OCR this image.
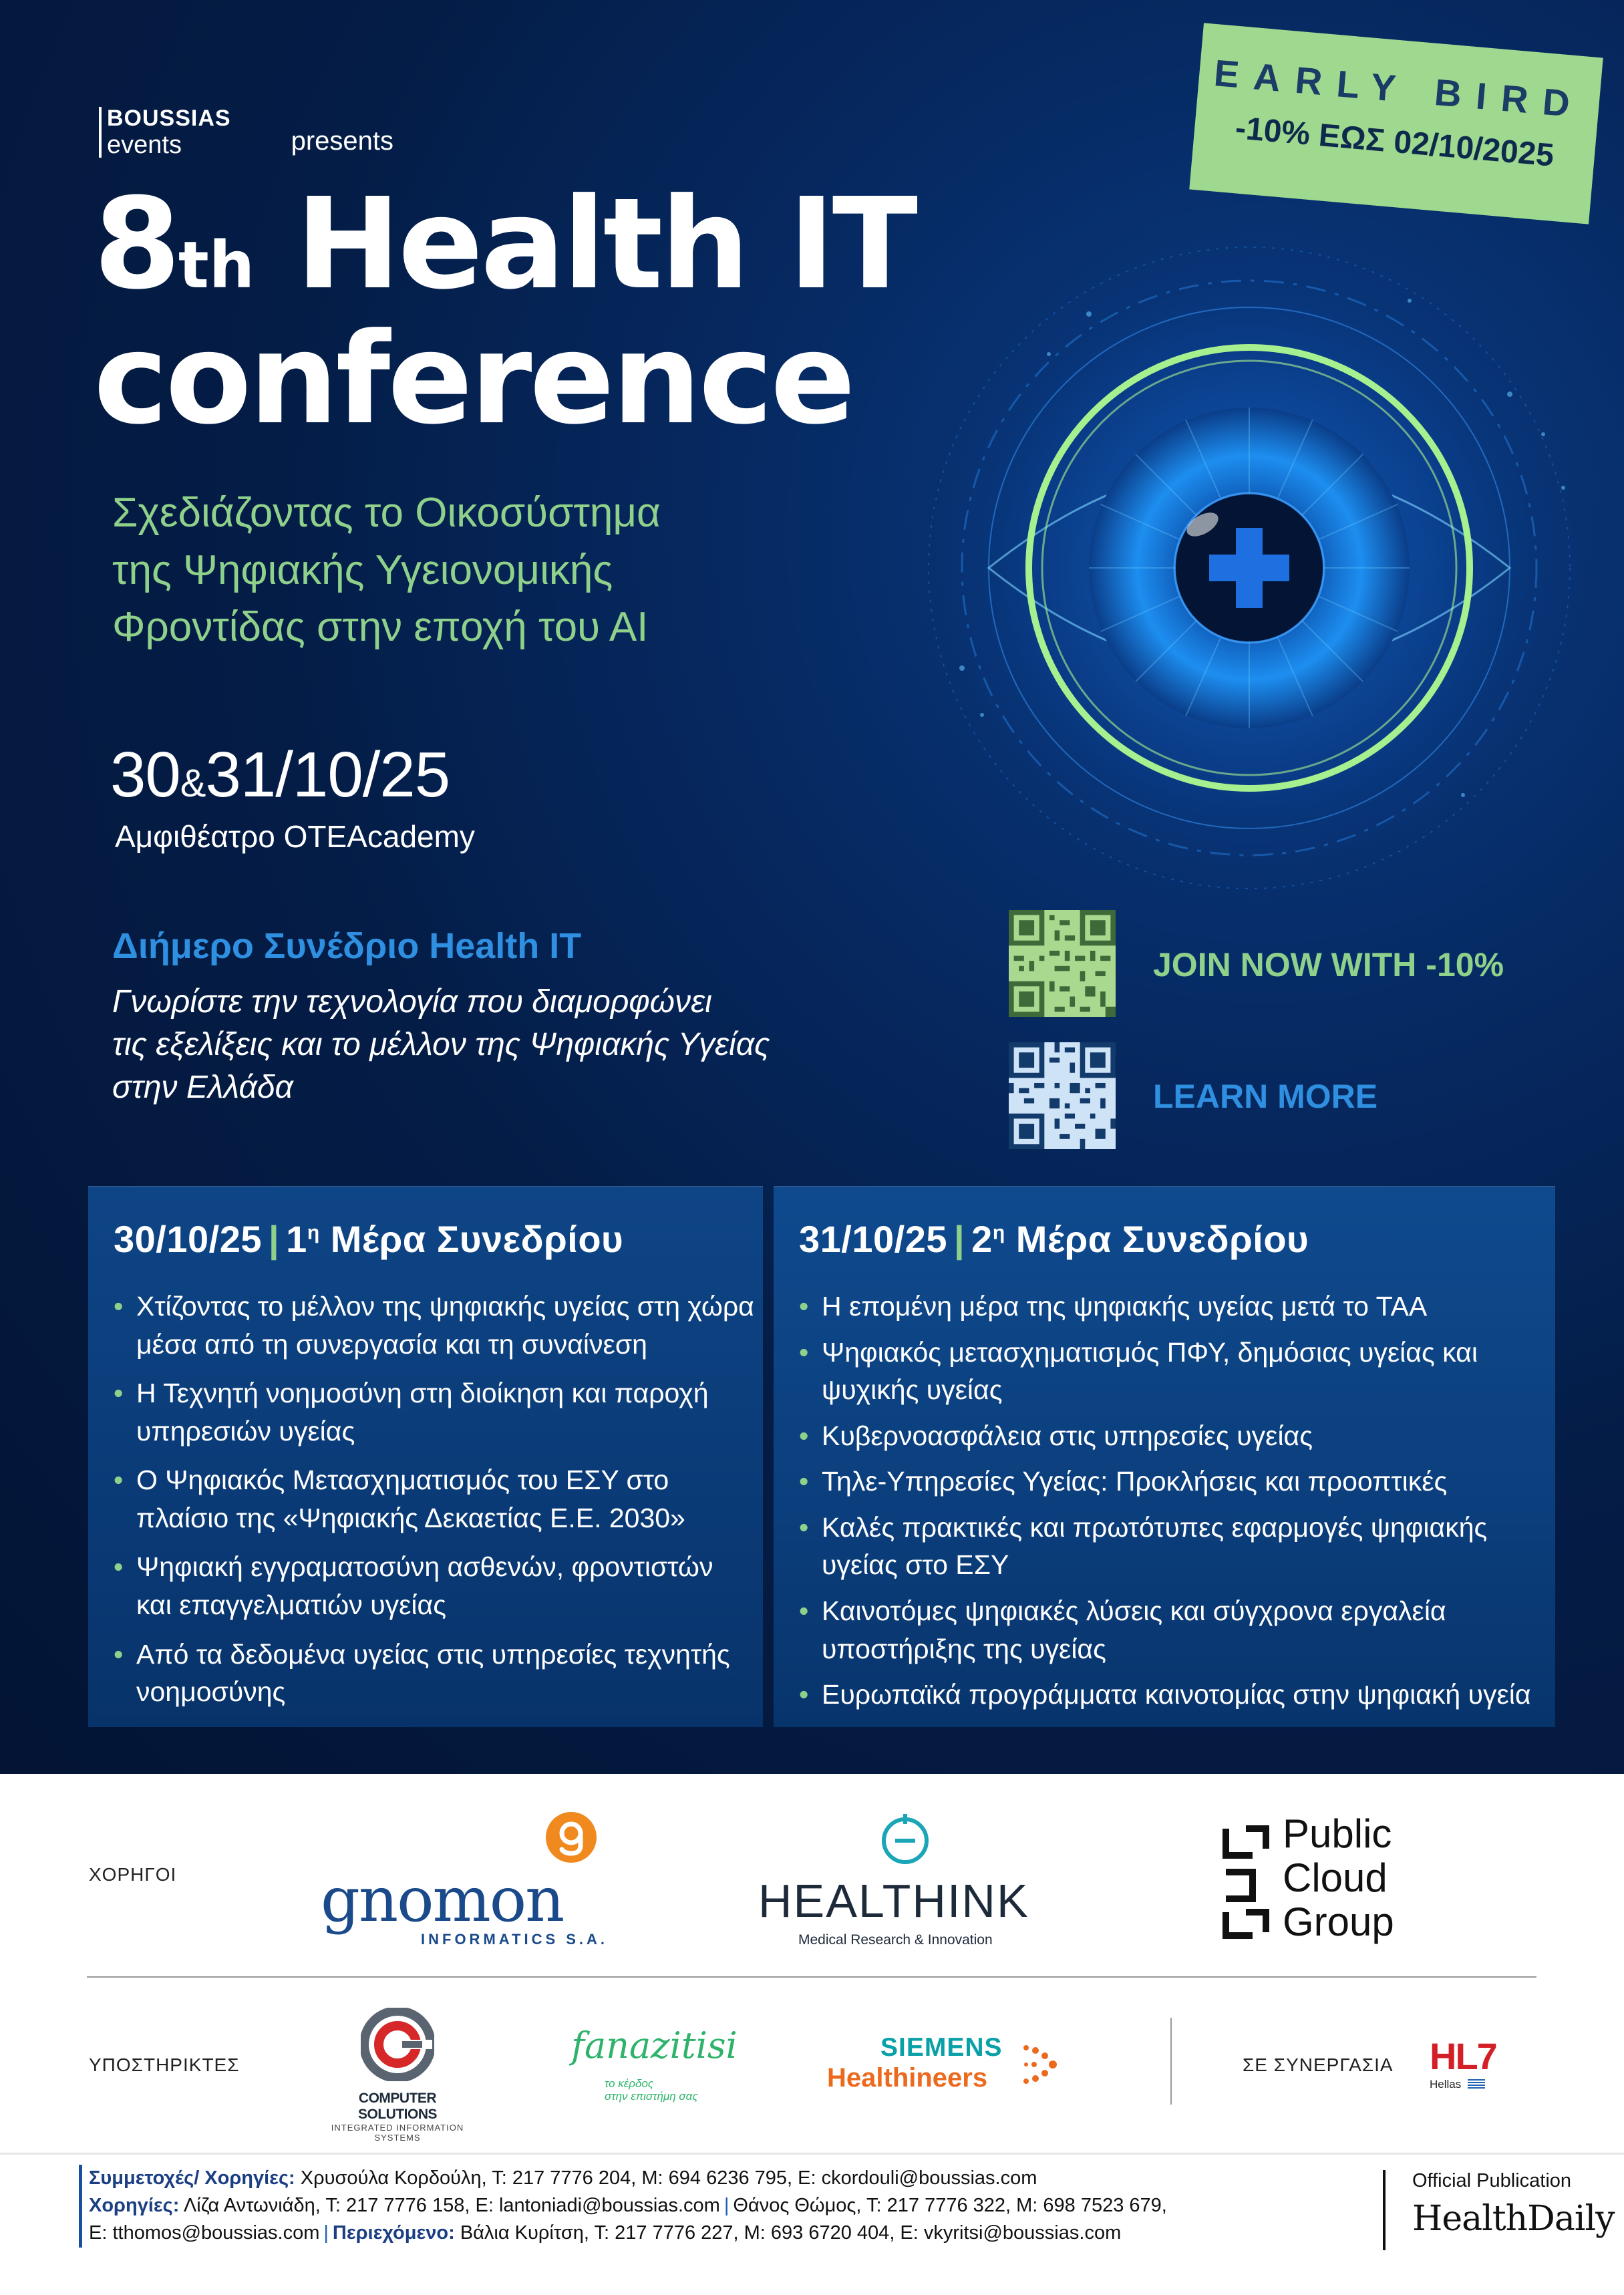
BOUSSIAS
events	presents
EARLY BIRD
-10% ΕΩΣ 02/10/2025
8th Health IT
conference
Σχεδιάζοντας το Οικοσύστημα
της Ψηφιακής Υγειονομικής
Φροντίδας στην εποχή του ΑΙ
30&31/10/25
Αμφιθέατρο OTEAcademy
Διήμερο Συνέδριο Health IT
Γνωρίστε την τεχνολογία που διαμορφώνει
τις εξελίξεις και το μέλλον της Ψηφιακής Υγείας
στην Ελλάδα
JOIN NOW WITH -10%
LEARN MORE
30/10/25 | $1^\eta$ Μέρα Συνεδρίου
• Χτίζοντας το μέλλον της ψηφιακής υγείας στη χώρα μέσα από τη συνεργασία και τη συναίνεση
• Η Τεχνητή νοημοσύνη στη διοίκηση και παροχή υπηρεσιών υγείας
• Ο Ψηφιακός Μετασχηματισμός του ΕΣΥ στο πλαίσιο της «Ψηφιακής Δεκαετίας Ε.Ε. 2030»
• Ψηφιακή εγγραματοσύνη ασθενών, φροντιστών και επαγγελματιών υγείας
• Από τα δεδομένα υγείας στις υπηρεσίες τεχνητής νοημοσύνης
31/10/25 | $2^\eta$ Μέρα Συνεδρίου
• Η επομένη μέρα της ψηφιακής υγείας μετά το ΤΑΑ
• Ψηφιακός μετασχηματισμός ΠΦΥ, δημόσιας υγείας και ψυχικής υγείας
• Κυβερνοασφάλεια στις υπηρεσίες υγείας
• Τηλε-Υπηρεσίες Υγείας: Προκλήσεις και προοπτικές
• Καλές πρακτικές και πρωτότυπες εφαρμογές ψηφιακής υγείας στο ΕΣΥ
• Καινοτόμες ψηφιακές λύσεις και σύγχρονα εργαλεία υποστήριξης της υγείας
• Ευρωπαϊκά προγράμματα καινοτομίας στην ψηφιακή υγεία
ΧΟΡΗΓΟΙ gnomon
INFORMATICS S.A.
HEALTHINK
Medical Research & Innovation
Public
Cloud
Group
ΥΠΟΣΤΗΡΙΚΤΕΣ
COMPUTER SOLUTIONS
INTEGRATED INFORMATION SYSTEMS
fanazitisi
το κέρδος
στην επιστήμη σας
SIEMENS
Healthineers	ΣΕ ΣΥΝΕΡΓΑΣΙΑ HL7
Hellas
Συμμετοχές/ Χορηγίες: Χρυσούλα Κορδούλη, Τ: 217 7776 204, Μ: 694 6236 795, Ε: ckordouli@boussias.com
Χορηγίες: Λίζα Αντωνιάδη, Τ: 217 7776 158, Ε: lantoniadi@boussias.com | Θάνος Θώμος, Τ: 217 7776 322, Μ: 698 7523 679,
Ε: tthomos@boussias.com | Περιεχόμενο: Βάλια Κυρίτση, Τ: 217 7776 227, Μ: 693 6720 404, Ε: vkyritsi@boussias.com
Official Publication
HealthDaily
